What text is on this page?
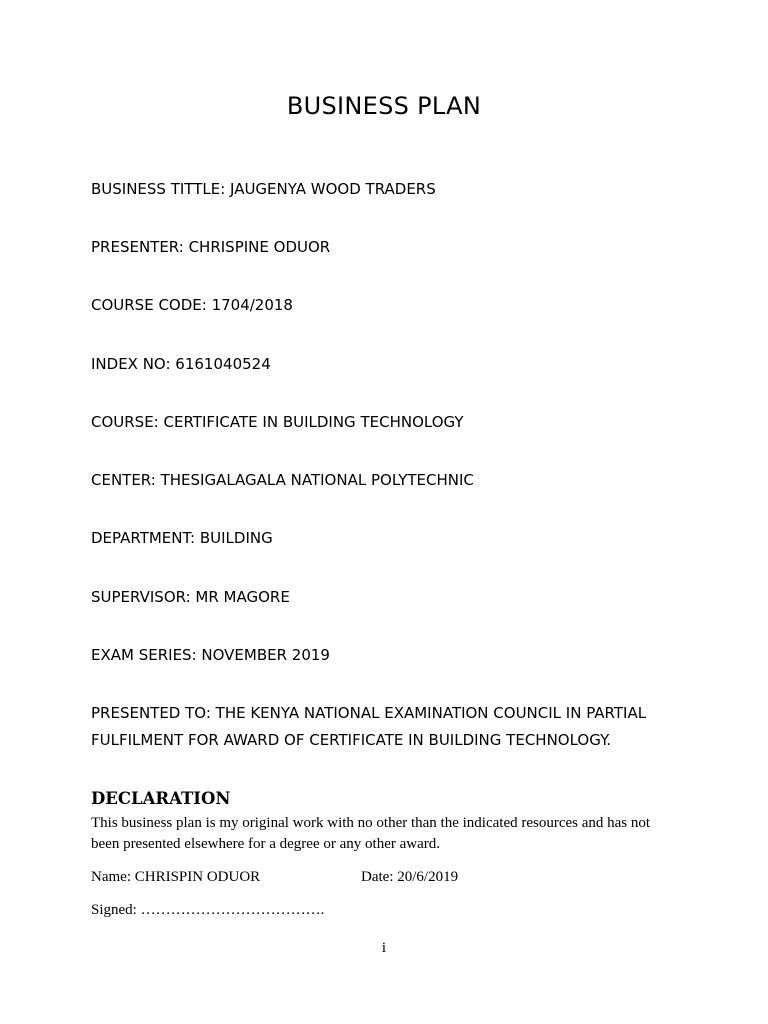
BUSINESS PLAN
BUSINESS TITTLE: JAUGENYA WOOD TRADERS
PRESENTER: CHRISPINE ODUOR
COURSE CODE: 1704/2018
INDEX NO: 6161040524
COURSE: CERTIFICATE IN BUILDING TECHNOLOGY
CENTER: THESIGALAGALA NATIONAL POLYTECHNIC
DEPARTMENT: BUILDING
SUPERVISOR: MR MAGORE
EXAM SERIES: NOVEMBER 2019
PRESENTED TO: THE KENYA NATIONAL EXAMINATION COUNCIL IN PARTIAL FULFILMENT FOR AWARD OF CERTIFICATE IN BUILDING TECHNOLOGY.
DECLARATION
This business plan is my original work with no other than the indicated resources and has not been presented elsewhere for a degree or any other award.
Name: CHRISPIN ODUOR	Date: 20/6/2019
Signed: ……………………………….
i
